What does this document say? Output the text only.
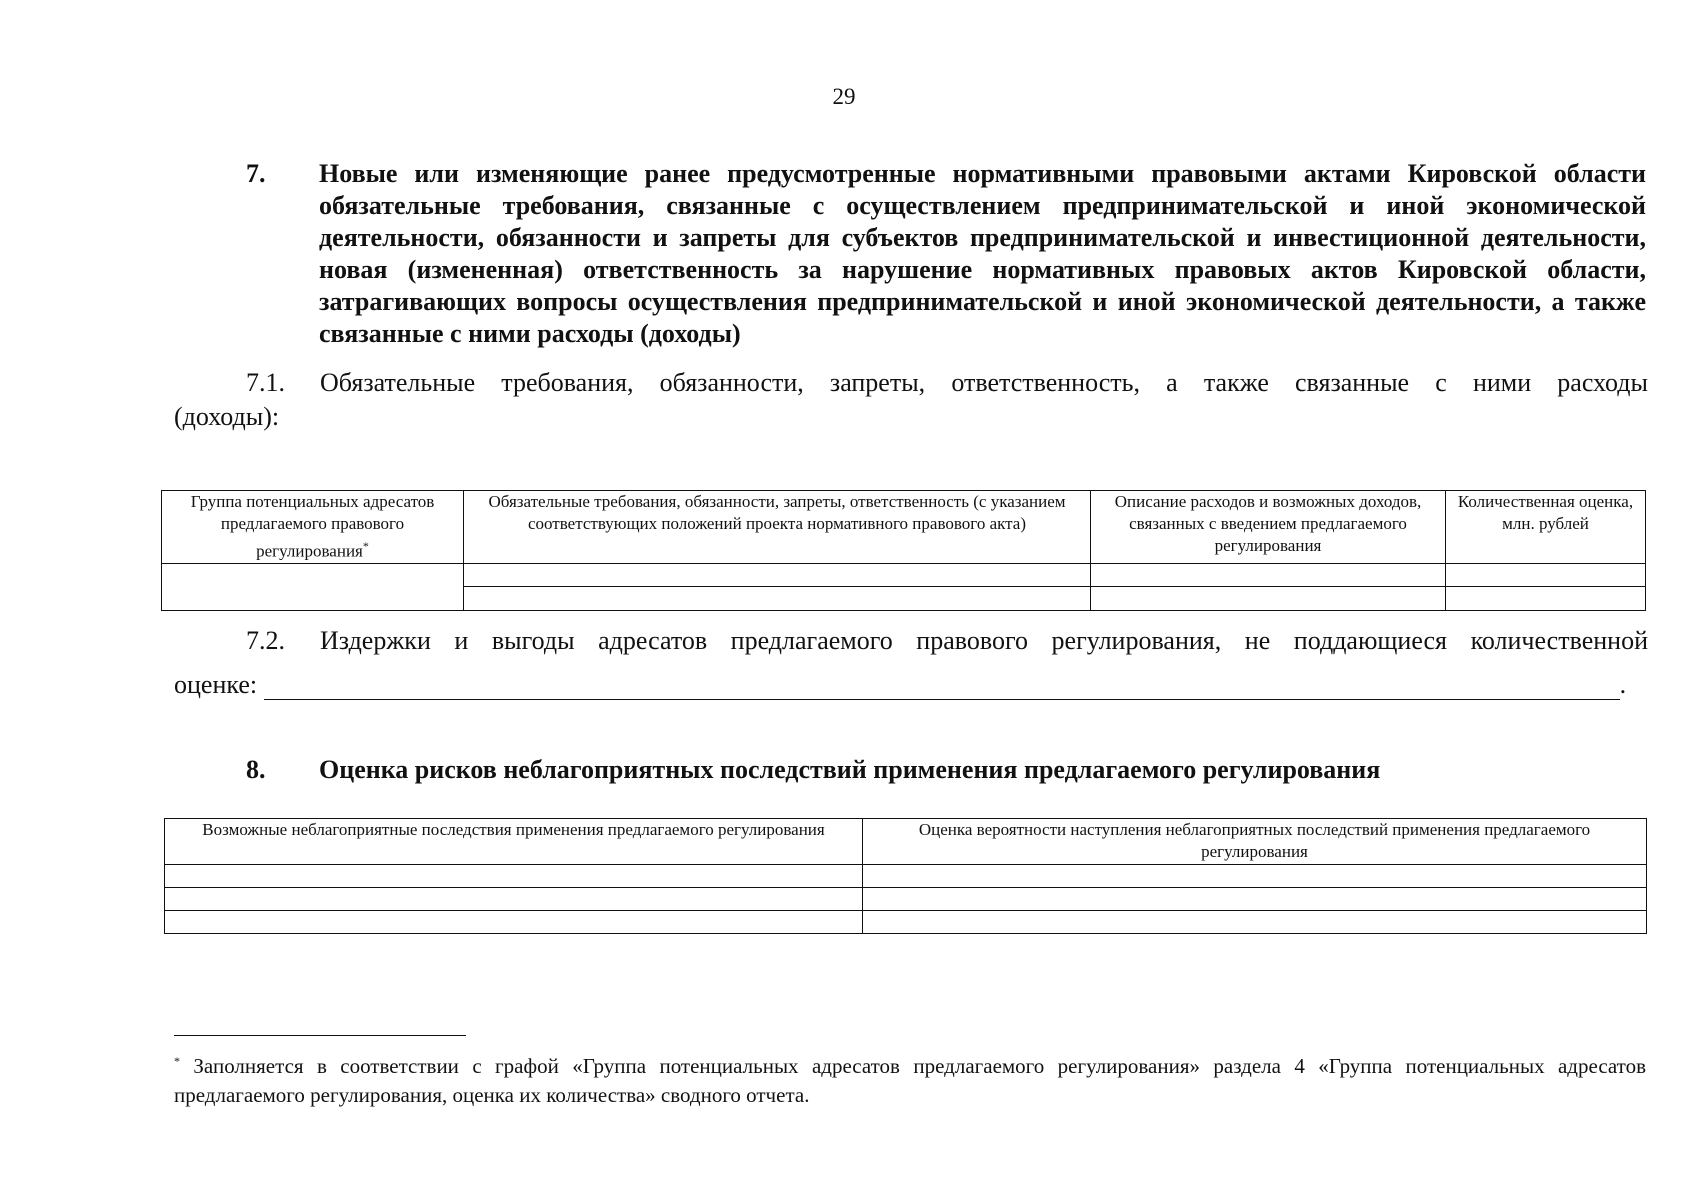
29
7. Новые или изменяющие ранее предусмотренные нормативными правовыми актами Кировской области обязательные требования, связанные с осуществлением предпринимательской и иной экономической деятельности, обязанности и запреты для субъектов предпринимательской и инвестиционной деятельности, новая (измененная) ответственность за нарушение нормативных правовых актов Кировской области, затрагивающих вопросы осуществления предпринимательской и иной экономической деятельности, а также связанные с ними расходы (доходы)
7.1. Обязательные требования, обязанности, запреты, ответственность, а также связанные с ними расходы
(доходы):
Группа потенциальных адресатов предлагаемого правового регулирования*	Обязательные требования, обязанности, запреты, ответственность (с указанием соответствующих положений проекта нормативного правового акта)	Описание расходов и возможных доходов, связанных с введением предлагаемого регулирования	Количественная оценка, млн. рублей

7.2. Издержки и выгоды адресатов предлагаемого правового регулирования, не поддающиеся количественной
оценке:	.
8. Оценка рисков неблагоприятных последствий применения предлагаемого регулирования
Возможные неблагоприятные последствия применения предлагаемого регулирования	Оценка вероятности наступления неблагоприятных последствий применения предлагаемого регулирования

* Заполняется в соответствии с графой «Группа потенциальных адресатов предлагаемого регулирования» раздела 4 «Группа потенциальных адресатов предлагаемого регулирования, оценка их количества» сводного отчета.
